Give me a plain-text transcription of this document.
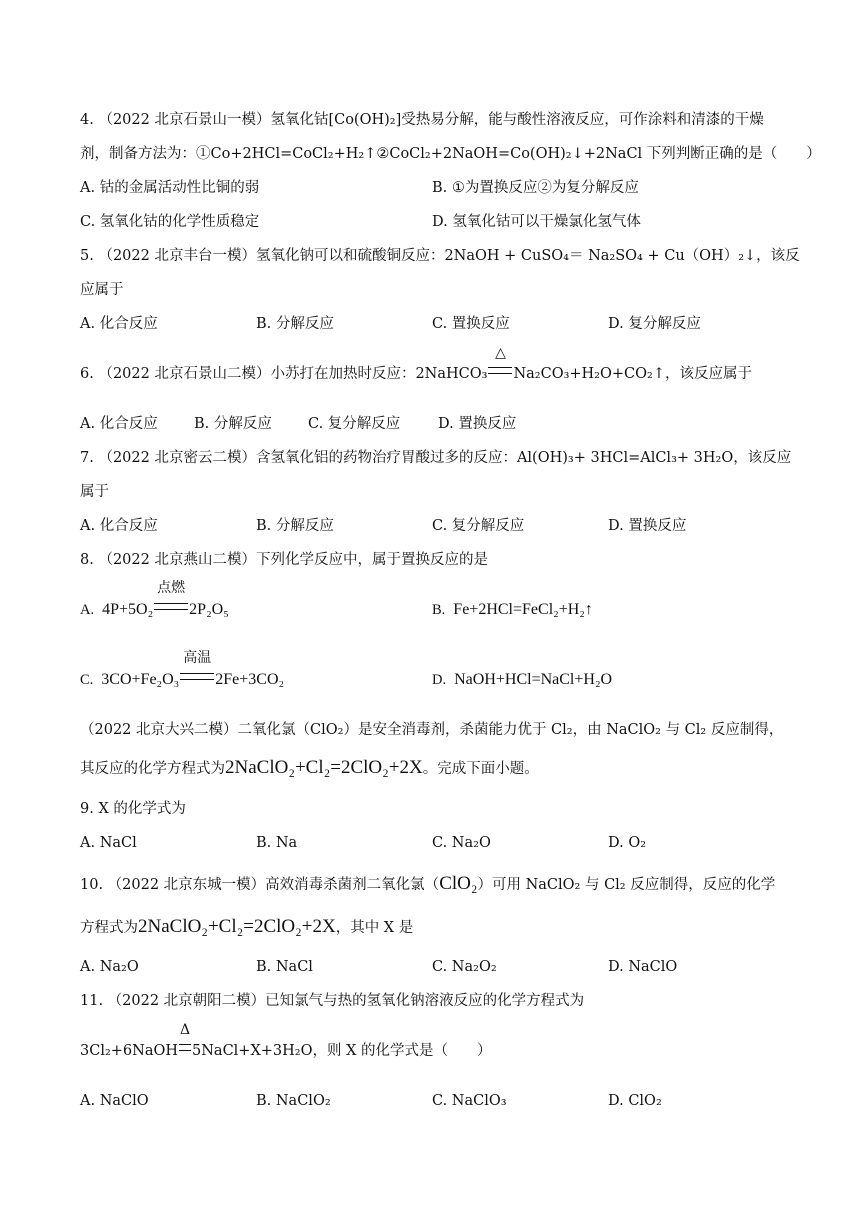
4. （2022 北京石景山一模）氢氧化钴[Co(OH)₂]受热易分解，能与酸性溶液反应，可作涂料和清漆的干燥
剂，制备方法为：①Co+2HCl=CoCl₂+H₂↑②CoCl₂+2NaOH=Co(OH)₂↓+2NaCl 下列判断正确的是（　　）
A. 钴的金属活动性比铜的弱	B. ①为置换反应②为复分解反应
C. 氢氧化钴的化学性质稳定	D. 氢氧化钴可以干燥氯化氢气体
5. （2022 北京丰台一模）氢氧化钠可以和硫酸铜反应：2NaOH + CuSO₄＝ Na₂SO₄ + Cu（OH）₂↓，该反
应属于
A. 化合反应	B. 分解反应	C. 置换反应	D. 复分解反应
6. （2022 北京石景山二模）小苏打在加热时反应：2NaHCO₃
△
Na₂CO₃+H₂O+CO₂↑，该反应属于
A. 化合反应	B. 分解反应 C. 复分解反应	D. 置换反应
7. （2022 北京密云二模）含氢氧化铝的药物治疗胃酸过多的反应：Al(OH)₃+ 3HCl=AlCl₃+ 3H₂O，该反应
属于
A. 化合反应	B. 分解反应	C. 复分解反应	D. 置换反应
8. （2022 北京燕山二模）下列化学反应中，属于置换反应的是
A. 4P+5O₂
点燃
2P₂O₅	B. Fe+2HCl=FeCl₂+H₂↑
C. 3CO+Fe₂O₃
高温
2Fe+3CO₂	D. NaOH+HCl=NaCl+H₂O
（2022 北京大兴二模）二氧化氯（ClO₂）是安全消毒剂，杀菌能力优于 Cl₂，由 NaClO₂ 与 Cl₂ 反应制得，
其反应的化学方程式为2NaClO₂+Cl₂=2ClO₂+2X。完成下面小题。
9. X 的化学式为
A. NaCl	B. Na	C. Na₂O	D. O₂
10. （2022 北京东城一模）高效消毒杀菌剂二氧化氯（ClO₂）可用 NaClO₂ 与 Cl₂ 反应制得，反应的化学
方程式为2NaClO₂+Cl₂=2ClO₂+2X，其中 X 是
A. Na₂O	B. NaCl	C. Na₂O₂	D. NaClO
11. （2022 北京朝阳二模）已知氯气与热的氢氧化钠溶液反应的化学方程式为
3Cl₂+6NaOH
Δ
5NaCl+X+3H₂O，则 X 的化学式是（　　）
A. NaClO	B. NaClO₂	C. NaClO₃	D. ClO₂
